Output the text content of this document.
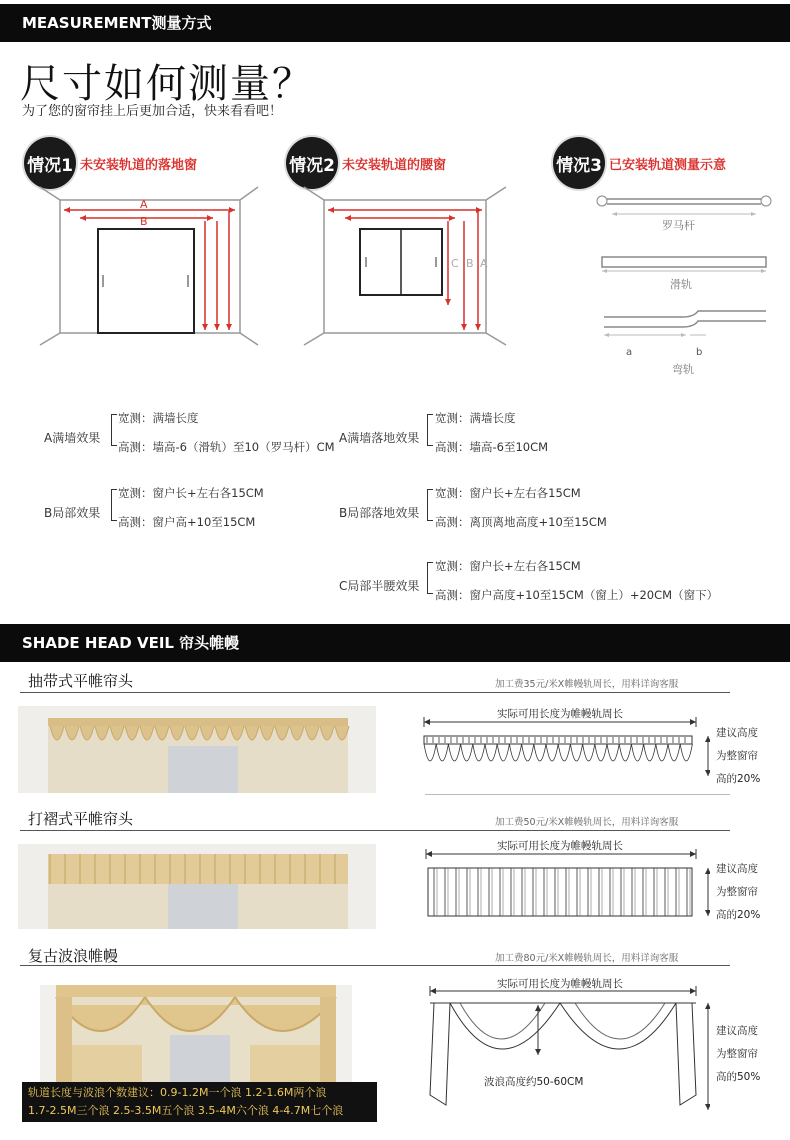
MEASUREMENT测量方式
尺寸如何测量？
为了您的窗帘挂上后更加合适，快来看看吧！
情况1 未安装轨道的落地窗	情况2 未安装轨道的腰窗	情况3 已安装轨道测量示意
A
B
C B A
罗马杆
滑轨
a	b
弯轨
A满墙效果
宽测：满墙长度
高测：墙高-6（滑轨）至10（罗马杆）CM
B局部效果
宽测：窗户长+左右各15CM
高测：窗户高+10至15CM
A满墙落地效果
宽测：满墙长度
高测：墙高-6至10CM
B局部落地效果
宽测：窗户长+左右各15CM
高测：离顶离地高度+10至15CM
C局部半腰效果
宽测：窗户长+左右各15CM
高测：窗户高度+10至15CM（窗上）+20CM（窗下）
SHADE HEAD VEIL 帘头帷幔
抽带式平帷帘头	加工费35元/米X帷幔轨周长，用料详询客服
实际可用长度为帷幔轨周长
建议高度
为整窗帘
高的20%
打褶式平帷帘头	加工费50元/米X帷幔轨周长，用料详询客服
实际可用长度为帷幔轨周长
建议高度
为整窗帘
高的20%
复古波浪帷幔	加工费80元/米X帷幔轨周长，用料详询客服
轨道长度与波浪个数建议：0.9-1.2M一个浪 1.2-1.6M两个浪
1.7-2.5M三个浪 2.5-3.5M五个浪 3.5-4M六个浪 4-4.7M七个浪
实际可用长度为帷幔轨周长
波浪高度约50-60CM
建议高度
为整窗帘
高的50%
